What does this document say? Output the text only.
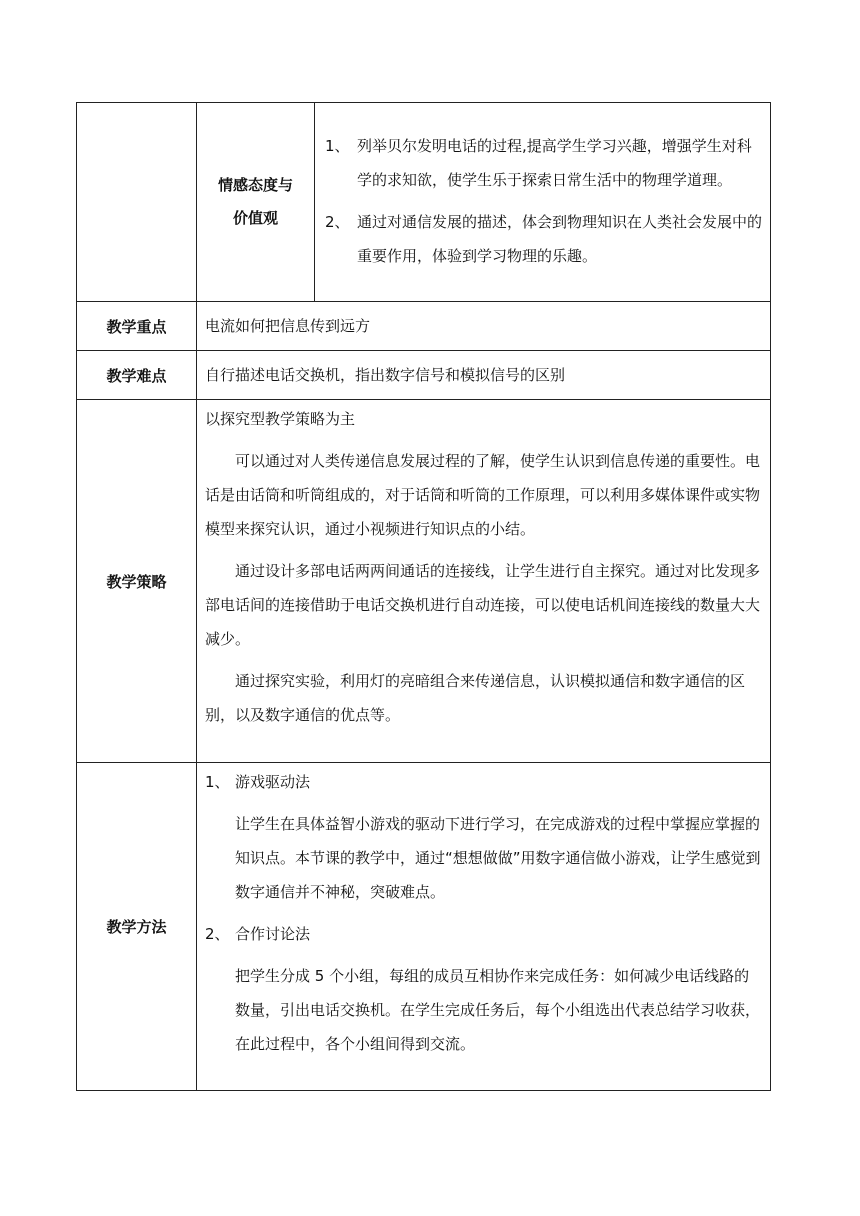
	情感态度与价值观	1、 列举贝尔发明电话的过程,提高学生学习兴趣，增强学生对科学的求知欲，使学生乐于探索日常生活中的物理学道理。
2、 通过对通信发展的描述，体会到物理知识在人类社会发展中的重要作用，体验到学习物理的乐趣。

教学重点	电流如何把信息传到远方	

教学难点	自行描述电话交换机，指出数字信号和模拟信号的区别	

教学策略	以探究型教学策略为主

可以通过对人类传递信息发展过程的了解，使学生认识到信息传递的重要性。电话是由话筒和听筒组成的，对于话筒和听筒的工作原理，可以利用多媒体课件或实物模型来探究认识，通过小视频进行知识点的小结。

通过设计多部电话两两间通话的连接线，让学生进行自主探究。通过对比发现多部电话间的连接借助于电话交换机进行自动连接，可以使电话机间连接线的数量大大减少。

通过探究实验，利用灯的亮暗组合来传递信息，认识模拟通信和数字通信的区别，以及数字通信的优点等。	

教学方法	1、 游戏驱动法

让学生在具体益智小游戏的驱动下进行学习，在完成游戏的过程中掌握应掌握的知识点。本节课的教学中，通过“想想做做”用数字通信做小游戏，让学生感觉到数字通信并不神秘，突破难点。

2、 合作讨论法

把学生分成 5 个小组，每组的成员互相协作来完成任务：如何减少电话线路的数量，引出电话交换机。在学生完成任务后，每个小组选出代表总结学习收获，在此过程中，各个小组间得到交流。	
